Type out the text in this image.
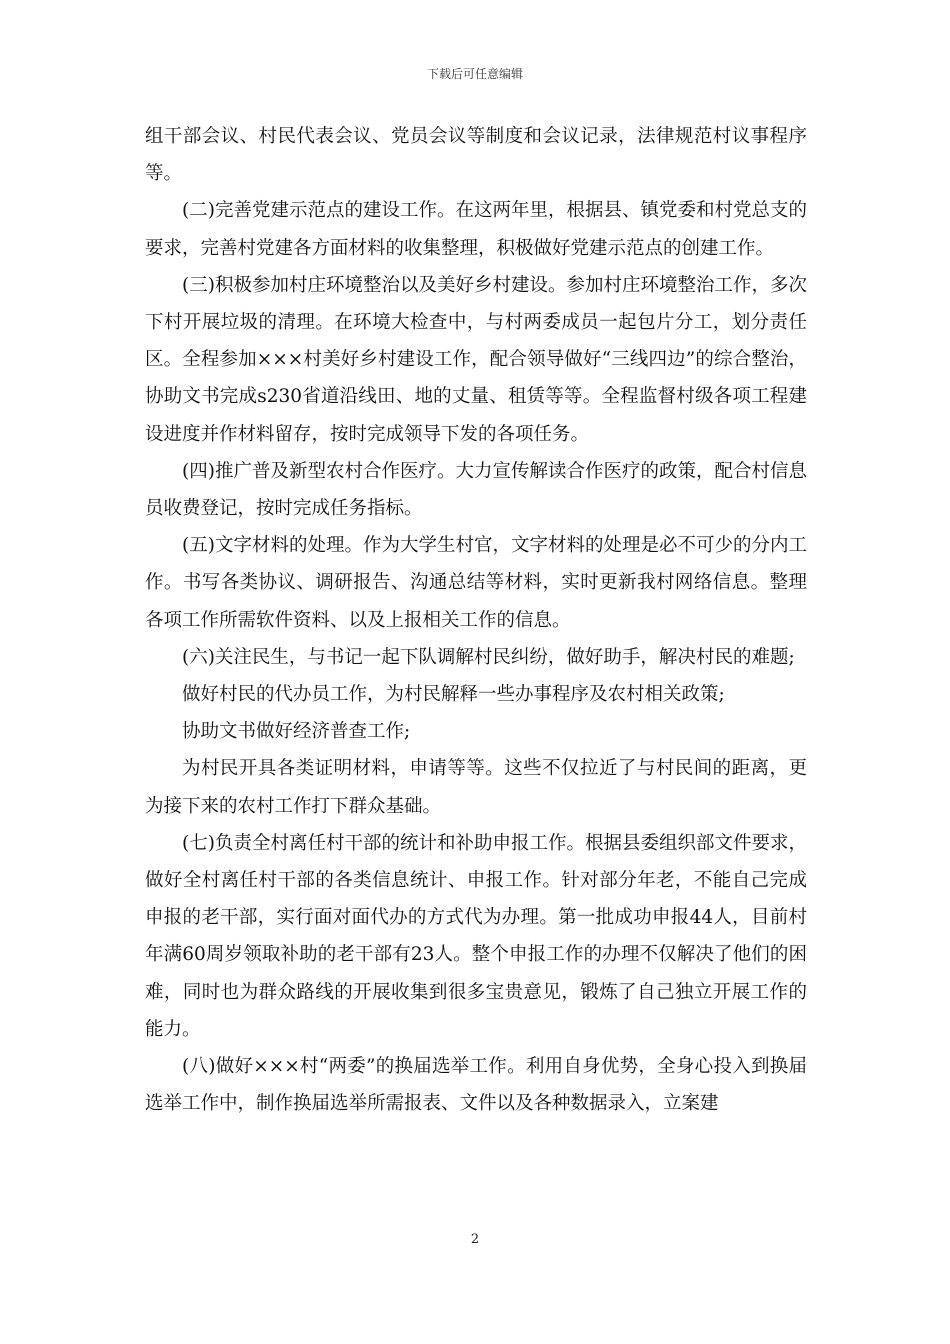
下载后可任意编辑

组干部会议、村民代表会议、党员会议等制度和会议记录，法律规范村议事程序等。

(二)完善党建示范点的建设工作。在这两年里，根据县、镇党委和村党总支的要求，完善村党建各方面材料的收集整理，积极做好党建示范点的创建工作。

(三)积极参加村庄环境整治以及美好乡村建设。参加村庄环境整治工作，多次下村开展垃圾的清理。在环境大检查中，与村两委成员一起包片分工，划分责任区。全程参加×××村美好乡村建设工作，配合领导做好“三线四边”的综合整治，协助文书完成s230省道沿线田、地的丈量、租赁等等。全程监督村级各项工程建设进度并作材料留存，按时完成领导下发的各项任务。

(四)推广普及新型农村合作医疗。大力宣传解读合作医疗的政策，配合村信息员收费登记，按时完成任务指标。

(五)文字材料的处理。作为大学生村官，文字材料的处理是必不可少的分内工作。书写各类协议、调研报告、沟通总结等材料，实时更新我村网络信息。整理各项工作所需软件资料、以及上报相关工作的信息。

(六)关注民生，与书记一起下队调解村民纠纷，做好助手，解决村民的难题;

做好村民的代办员工作，为村民解释一些办事程序及农村相关政策;

协助文书做好经济普查工作;

为村民开具各类证明材料，申请等等。这些不仅拉近了与村民间的距离，更为接下来的农村工作打下群众基础。

(七)负责全村离任村干部的统计和补助申报工作。根据县委组织部文件要求，做好全村离任村干部的各类信息统计、申报工作。针对部分年老，不能自己完成申报的老干部，实行面对面代办的方式代为办理。第一批成功申报44人，目前村年满60周岁领取补助的老干部有23人。整个申报工作的办理不仅解决了他们的困难，同时也为群众路线的开展收集到很多宝贵意见，锻炼了自己独立开展工作的能力。

(八)做好×××村“两委”的换届选举工作。利用自身优势，全身心投入到换届选举工作中，制作换届选举所需报表、文件以及各种数据录入，立案建

2
